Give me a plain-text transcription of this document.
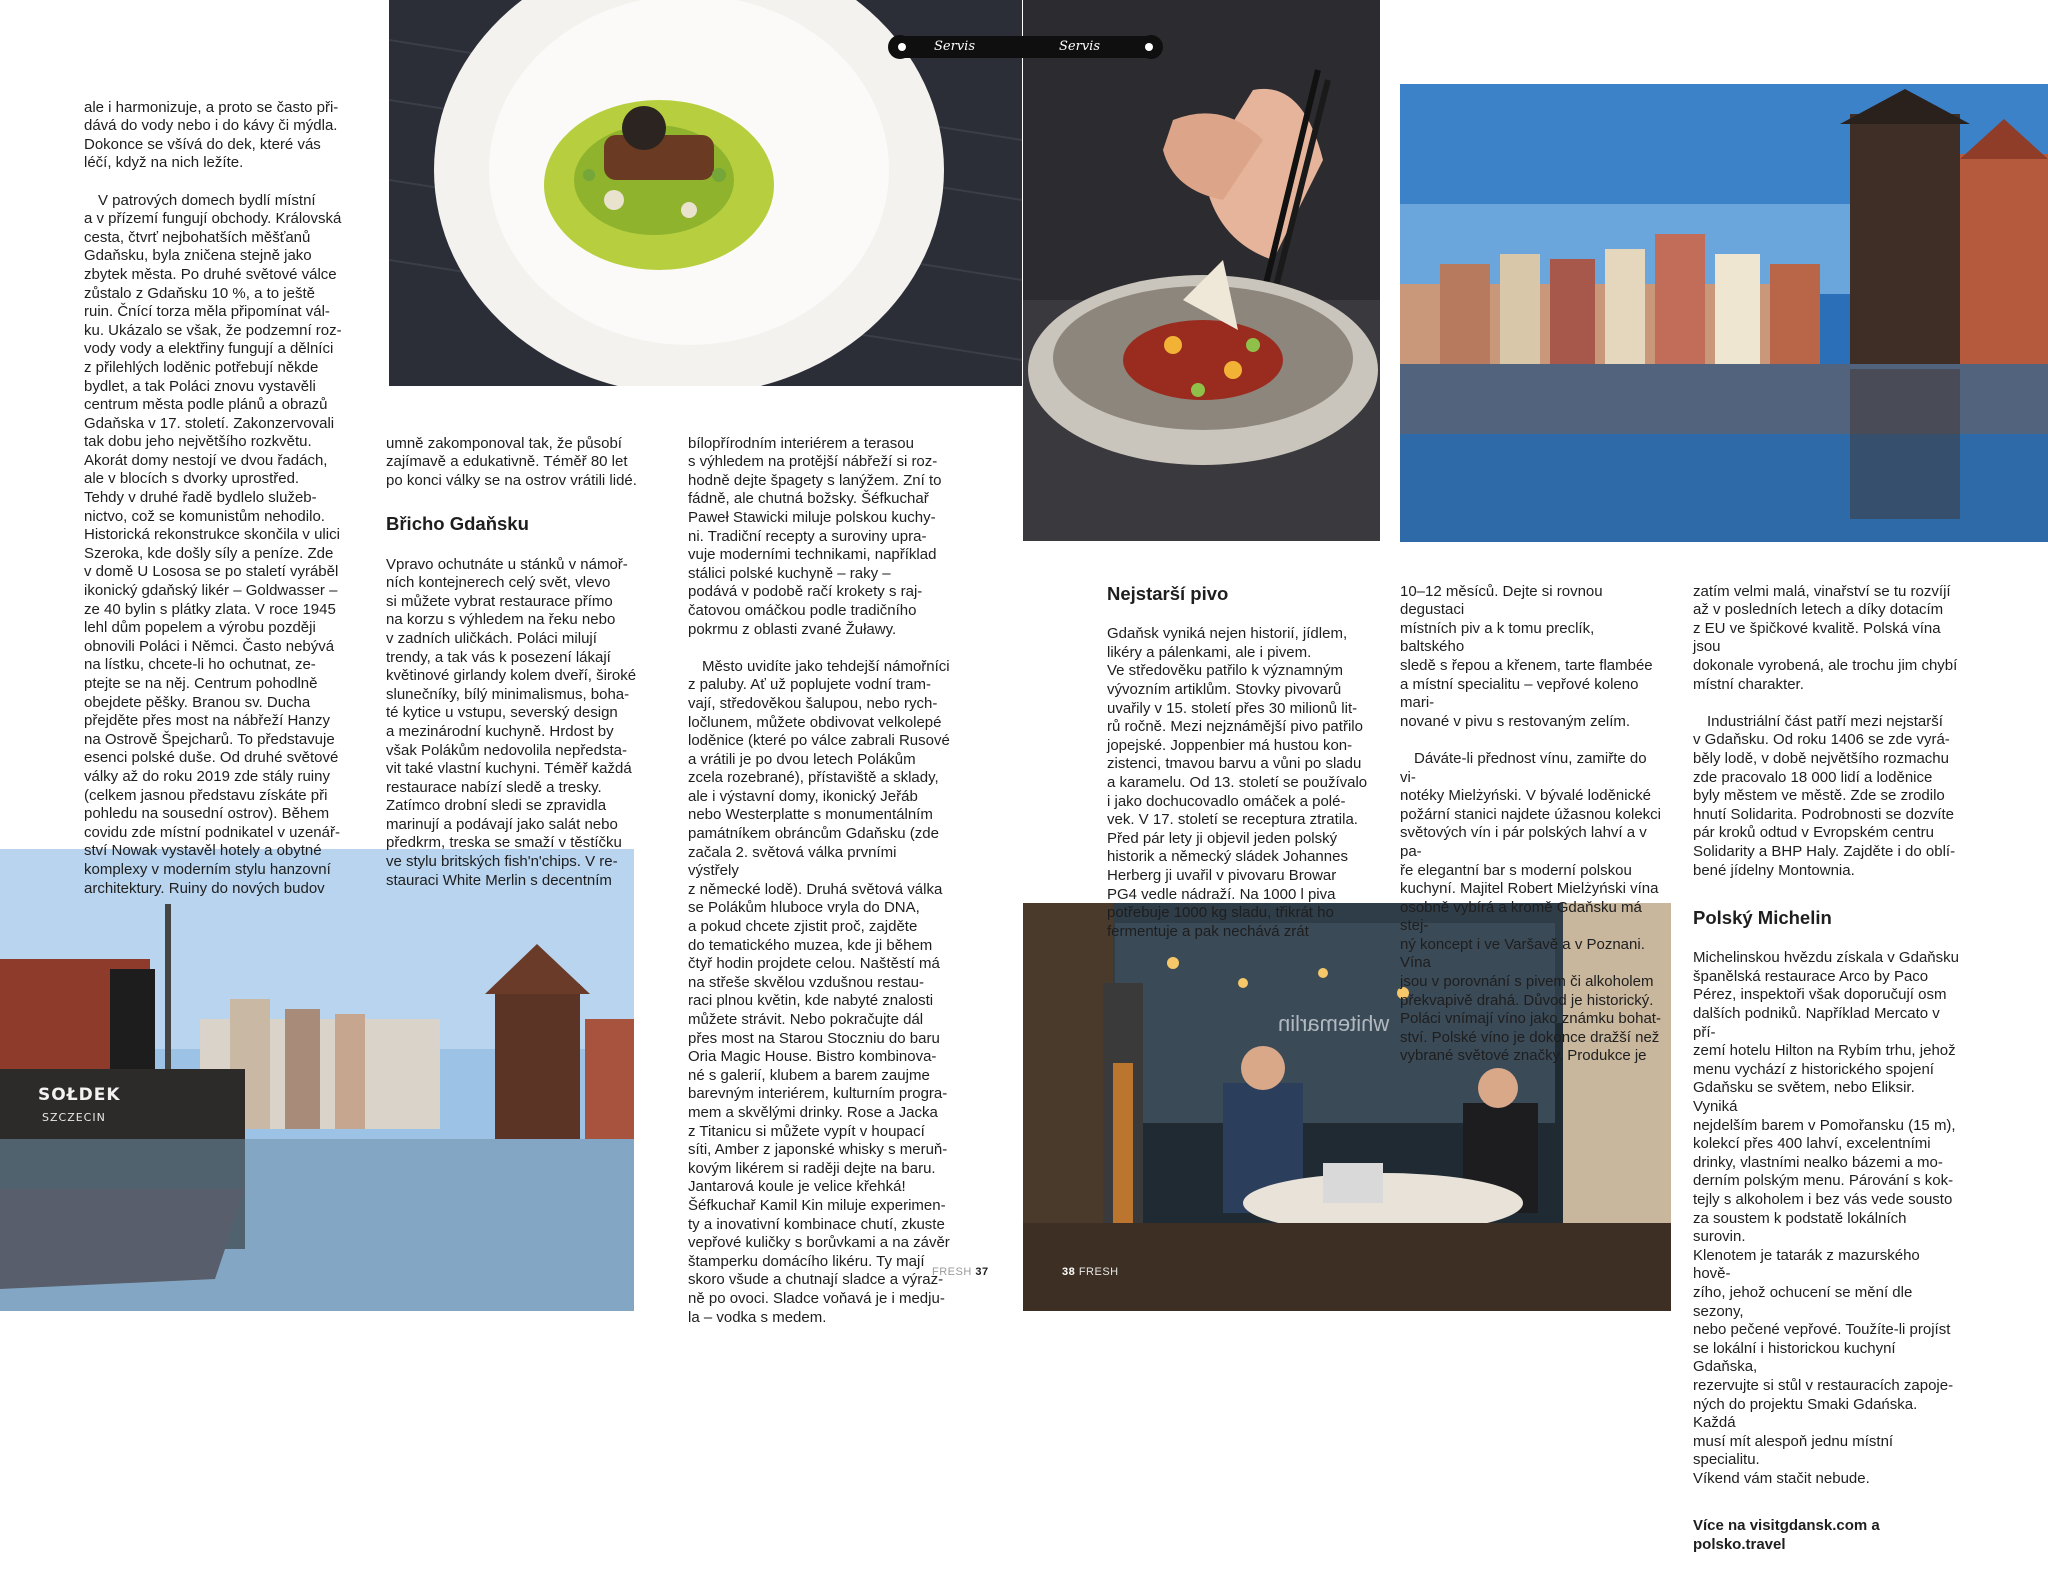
Servis	Servis
SOŁDEK
SZCZECIN
whitemarlin

ale i harmonizuje, a proto se často při-
dává do vody nebo i do kávy či mýdla.
Dokonce se všívá do dek, které vás
léčí, když na nich ležíte.

V patrových domech bydlí místní
a v přízemí fungují obchody. Královská
cesta, čtvrť nejbohatších měšťanů
Gdaňsku, byla zničena stejně jako
zbytek města. Po druhé světové válce
zůstalo z Gdaňsku 10 %, a to ještě
ruin. Čnící torza měla připomínat vál-
ku. Ukázalo se však, že podzemní roz-
vody vody a elektřiny fungují a dělníci
z přilehlých loděnic potřebují někde
bydlet, a tak Poláci znovu vystavěli
centrum města podle plánů a obrazů
Gdaňska v 17. století. Zakonzervovali
tak dobu jeho největšího rozkvětu.
Akorát domy nestojí ve dvou řadách,
ale v blocích s dvorky uprostřed.
Tehdy v druhé řadě bydlelo služeb-
nictvo, což se komunistům nehodilo.
Historická rekonstrukce skončila v ulici
Szeroka, kde došly síly a peníze. Zde
v domě U Lososa se po staletí vyráběl
ikonický gdaňský likér – Goldwasser –
ze 40 bylin s plátky zlata. V roce 1945
lehl dům popelem a výrobu později
obnovili Poláci i Němci. Často nebývá
na lístku, chcete-li ho ochutnat, ze-
ptejte se na něj. Centrum pohodlně
obejdete pěšky. Branou sv. Ducha
přejděte přes most na nábřeží Hanzy
na Ostrově Špejcharů. To představuje
esenci polské duše. Od druhé světové
války až do roku 2019 zde stály ruiny
(celkem jasnou představu získáte při
pohledu na sousední ostrov). Během
covidu zde místní podnikatel v uzenář-
ství Nowak vystavěl hotely a obytné
komplexy v moderním stylu hanzovní
architektury. Ruiny do nových budov

umně zakomponoval tak, že působí
zajímavě a edukativně. Téměř 80 let
po konci války se na ostrov vrátili lidé.

Břicho Gdaňsku

Vpravo ochutnáte u stánků v námoř-
ních kontejnerech celý svět, vlevo
si můžete vybrat restaurace přímo
na korzu s výhledem na řeku nebo
v zadních uličkách. Poláci milují
trendy, a tak vás k posezení lákají
květinové girlandy kolem dveří, široké
slunečníky, bílý minimalismus, boha-
té kytice u vstupu, severský design
a mezinárodní kuchyně. Hrdost by
však Polákům nedovolila nepředsta-
vit také vlastní kuchyni. Téměř každá
restaurace nabízí sledě a tresky.
Zatímco drobní sledi se zpravidla
marinují a podávají jako salát nebo
předkrm, treska se smaží v těstíčku
ve stylu britských fish'n'chips. V re-
stauraci White Merlin s decentním

bílopřírodním interiérem a terasou
s výhledem na protější nábřeží si roz-
hodně dejte špagety s lanýžem. Zní to
fádně, ale chutná božsky. Šéfkuchař
Paweł Stawicki miluje polskou kuchy-
ni. Tradiční recepty a suroviny upra-
vuje moderními technikami, například
stálici polské kuchyně – raky –
podává v podobě račí krokety s raj-
čatovou omáčkou podle tradičního
pokrmu z oblasti zvané Žuławy.

Město uvidíte jako tehdejší námořníci
z paluby. Ať už poplujete vodní tram-
vají, středověkou šalupou, nebo rych-
ločlunem, můžete obdivovat velkolepé
loděnice (které po válce zabrali Rusové
a vrátili je po dvou letech Polákům
zcela rozebrané), přístaviště a sklady,
ale i výstavní domy, ikonický Jeřáb
nebo Westerplatte s monumentálním
památníkem obráncům Gdaňsku (zde
začala 2. světová válka prvními výstřely
z německé lodě). Druhá světová válka
se Polákům hluboce vryla do DNA,
a pokud chcete zjistit proč, zajděte
do tematického muzea, kde ji během
čtyř hodin projdete celou. Naštěstí má
na střeše skvělou vzdušnou restau-
raci plnou květin, kde nabyté znalosti
můžete strávit. Nebo pokračujte dál
přes most na Starou Stoczniu do baru
Oria Magic House. Bistro kombinova-
né s galerií, klubem a barem zaujme
barevným interiérem, kulturním progra-
mem a skvělými drinky. Rose a Jacka
z Titanicu si můžete vypít v houpací
síti, Amber z japonské whisky s meruň-
kovým likérem si raději dejte na baru.
Jantarová koule je velice křehká!
Šéfkuchař Kamil Kin miluje experimen-
ty a inovativní kombinace chutí, zkuste
vepřové kuličky s borůvkami a na závěr
štamperku domácího likéru. Ty mají
skoro všude a chutnají sladce a výraz-
ně po ovoci. Sladce voňavá je i medju-
la – vodka s medem.

Nejstarší pivo

Gdaňsk vyniká nejen historií, jídlem,
likéry a pálenkami, ale i pivem.
Ve středověku patřilo k významným
vývozním artiklům. Stovky pivovarů
uvařily v 15. století přes 30 milionů lit-
rů ročně. Mezi nejznámější pivo patřilo
jopejské. Joppenbier má hustou kon-
zistenci, tmavou barvu a vůni po sladu
a karamelu. Od 13. století se používalo
i jako dochucovadlo omáček a polé-
vek. V 17. století se receptura ztratila.
Před pár lety ji objevil jeden polský
historik a německý sládek Johannes
Herberg ji uvařil v pivovaru Browar
PG4 vedle nádraží. Na 1000 l piva
potřebuje 1000 kg sladu, třikrát ho
fermentuje a pak nechává zrát

10–12 měsíců. Dejte si rovnou degustaci
místních piv a k tomu preclík, baltského
sledě s řepou a křenem, tarte flambée
a místní specialitu – vepřové koleno mari-
nované v pivu s restovaným zelím.

Dáváte-li přednost vínu, zamiřte do vi-
notéky Mielżyński. V bývalé loděnické
požární stanici najdete úžasnou kolekci
světových vín i pár polských lahví a v pa-
ře elegantní bar s moderní polskou
kuchyní. Majitel Robert Mielżyński vína
osobně vybírá a kromě Gdaňsku má stej-
ný koncept i ve Varšavě a v Poznani. Vína
jsou v porovnání s pivem či alkoholem
překvapivě drahá. Důvod je historický.
Poláci vnímají víno jako známku bohat-
ství. Polské víno je dokonce dražší než
vybrané světové značky. Produkce je

zatím velmi malá, vinařství se tu rozvíjí
až v posledních letech a díky dotacím
z EU ve špičkové kvalitě. Polská vína jsou
dokonale vyrobená, ale trochu jim chybí
místní charakter.

Industriální část patří mezi nejstarší
v Gdaňsku. Od roku 1406 se zde vyrá-
běly lodě, v době největšího rozmachu
zde pracovalo 18 000 lidí a loděnice
byly městem ve městě. Zde se zrodilo
hnutí Solidarita. Podrobnosti se dozvíte
pár kroků odtud v Evropském centru
Solidarity a BHP Haly. Zajděte i do oblí-
bené jídelny Montownia.

Polský Michelin

Michelinskou hvězdu získala v Gdaňsku
španělská restaurace Arco by Paco
Pérez, inspektoři však doporučují osm
dalších podniků. Například Mercato v pří-
zemí hotelu Hilton na Rybím trhu, jehož
menu vychází z historického spojení
Gdaňsku se světem, nebo Eliksir. Vyniká
nejdelším barem v Pomořansku (15 m),
kolekcí přes 400 lahví, excelentními
drinky, vlastními nealko bázemi a mo-
derním polským menu. Párování s kok-
tejly s alkoholem i bez vás vede sousto
za soustem k podstatě lokálních surovin.
Klenotem je tatarák z mazurského hově-
zího, jehož ochucení se mění dle sezony,
nebo pečené vepřové. Toužíte-li projíst
se lokální i historickou kuchyní Gdaňska,
rezervujte si stůl v restauracích zapoje-
ných do projektu Smaki Gdańska. Každá
musí mít alespoň jednu místní specialitu.
Víkend vám stačit nebude.

Více na visitgdansk.com a polsko.travel

FRESH 37	38 FRESH
